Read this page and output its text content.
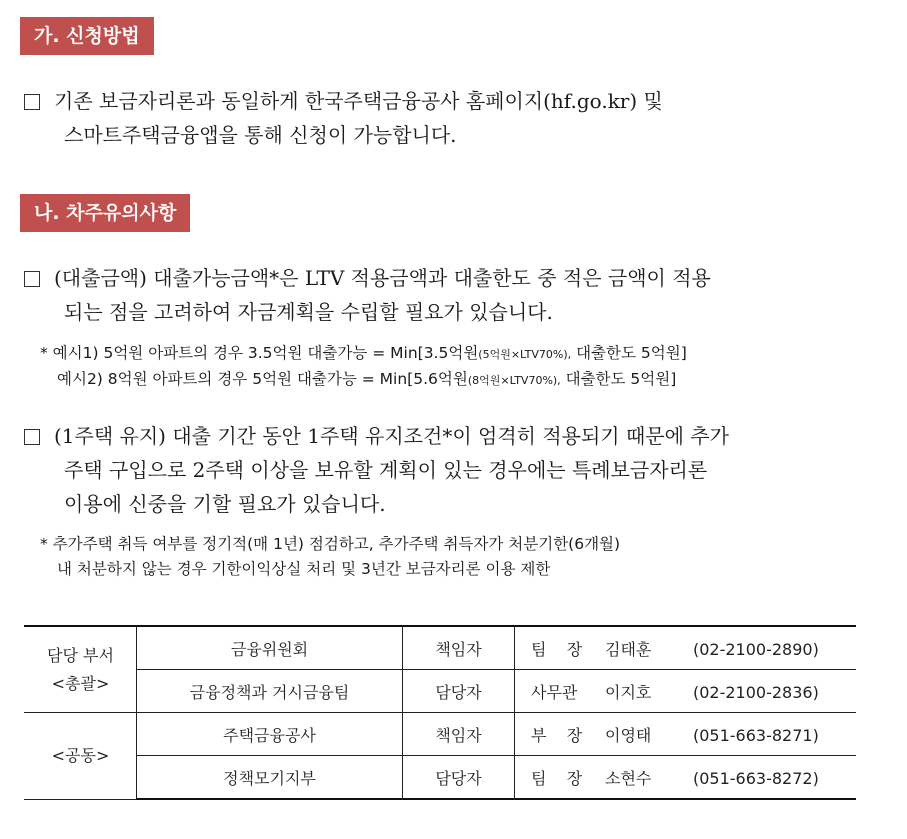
가. 신청방법
기존 보금자리론과 동일하게 한국주택금융공사 홈페이지(hf.go.kr) 및
스마트주택금융앱을 통해 신청이 가능합니다.
나. 차주유의사항
(대출금액) 대출가능금액*은 LTV 적용금액과 대출한도 중 적은 금액이 적용
되는 점을 고려하여 자금계획을 수립할 필요가 있습니다.
* 예시1) 5억원 아파트의 경우 3.5억원 대출가능 = Min[3.5억원(5억원×LTV70%), 대출한도 5억원]
예시2) 8억원 아파트의 경우 5억원 대출가능 = Min[5.6억원(8억원×LTV70%), 대출한도 5억원]
(1주택 유지) 대출 기간 동안 1주택 유지조건*이 엄격히 적용되기 때문에 추가
주택 구입으로 2주택 이상을 보유할 계획이 있는 경우에는 특례보금자리론
이용에 신중을 기할 필요가 있습니다.
* 추가주택 취득 여부를 정기적(매 1년) 점검하고, 추가주택 취득자가 처분기한(6개월)
내 처분하지 않는 경우 기한이익상실 처리 및 3년간 보금자리론 이용 제한
담당 부서
<총괄>	금융위원회	책임자	팀    장 김태훈 (02-2100-2890)
	금융정책과 거시금융팀	담당자	사무관 이지호 (02-2100-2836)

<공동>	주택금융공사	책임자	부    장 이영태 (051-663-8271)
	정책모기지부	담당자	팀    장 소현수 (051-663-8272)
